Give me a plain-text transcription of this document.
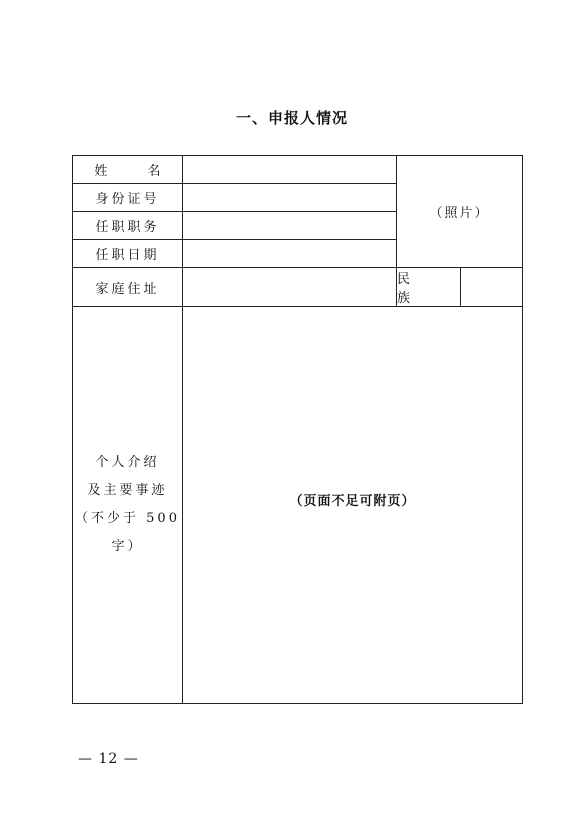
一、申报人情况
姓 名		（照片）	
身份证号			
任职职务			
任职日期			
家庭住址		民 族	

个人介绍
及主要事迹
（不少于 500
字）	（页面不足可附页）		
— 12 —
